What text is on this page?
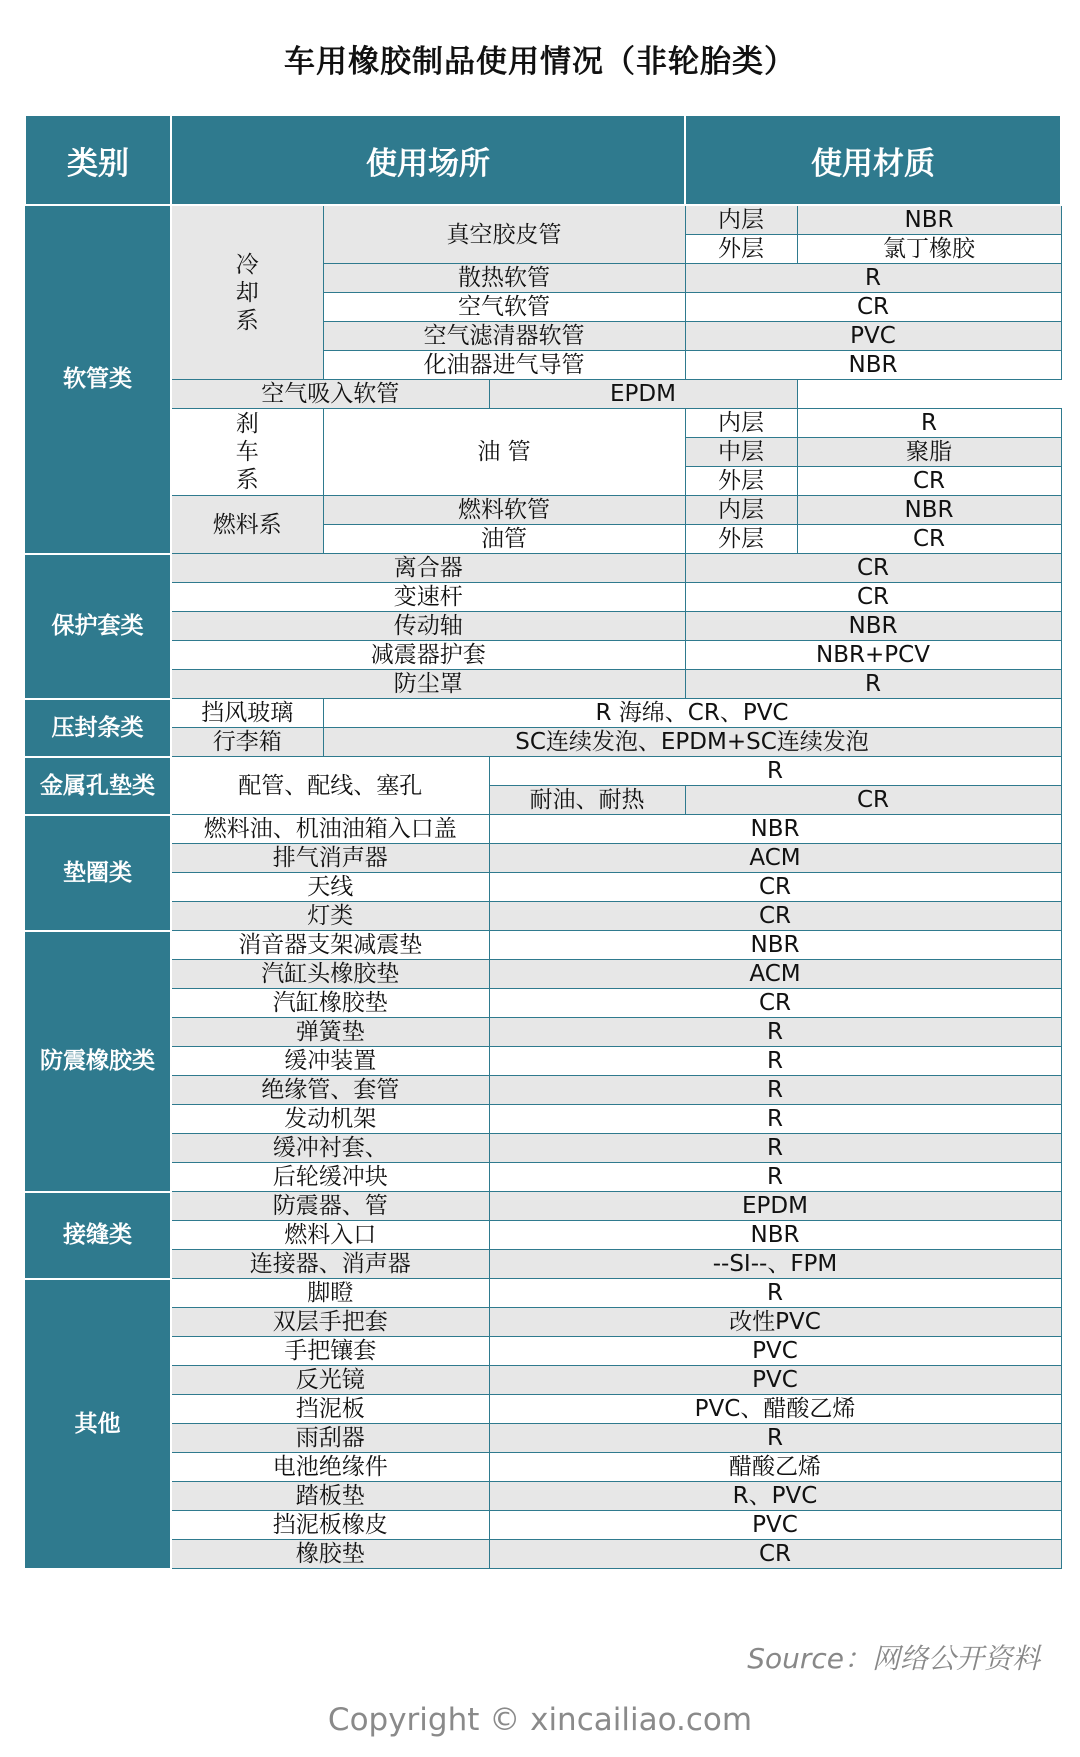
车用橡胶制品使用情况（非轮胎类）
类别	使用场所			使用材质	
软管类	冷却系	真空胶皮管		内层	NBR
				外层	氯丁橡胶
		散热软管		R	
		空气软管		CR	
		空气滤清器软管		PVC	
		化油器进气导管		NBR	
	空气吸入软管		EPDM		
	刹车系	油 管		内层	R
				中层	聚脂
				外层	CR
	燃料系	燃料软管		内层	NBR
		油管		外层	CR
保护套类	离合器			CR	
	变速杆			CR	
	传动轴			NBR	
	减震器护套			NBR+PCV	
	防尘罩			R	
压封条类	挡风玻璃	R 海绵、CR、PVC			
	行李箱	SC连续发泡、EPDM+SC连续发泡			
金属孔垫类	配管、配线、塞孔		R		
			耐油、耐热	CR	
垫圈类	燃料油、机油油箱入口盖		NBR		
	排气消声器		ACM		
	天线		CR		
	灯类		CR		
防震橡胶类	消音器支架减震垫		NBR		
	汽缸头橡胶垫		ACM		
	汽缸橡胶垫		CR		
	弹簧垫		R		
	缓冲装置		R		
	绝缘管、套管		R		
	发动机架		R		
	缓冲衬套、		R		
	后轮缓冲块		R		
接缝类	防震器、管		EPDM		
	燃料入口		NBR		
	连接器、消声器		--SI--、FPM		
其他	脚瞪		R		
	双层手把套		改性PVC		
	手把镶套		PVC		
	反光镜		PVC		
	挡泥板		PVC、醋酸乙烯		
	雨刮器		R		
	电池绝缘件		醋酸乙烯		
	踏板垫		R、PVC		
	挡泥板橡皮		PVC		
	橡胶垫		CR		
Source：网络公开资料
Copyright © xincailiao.com
